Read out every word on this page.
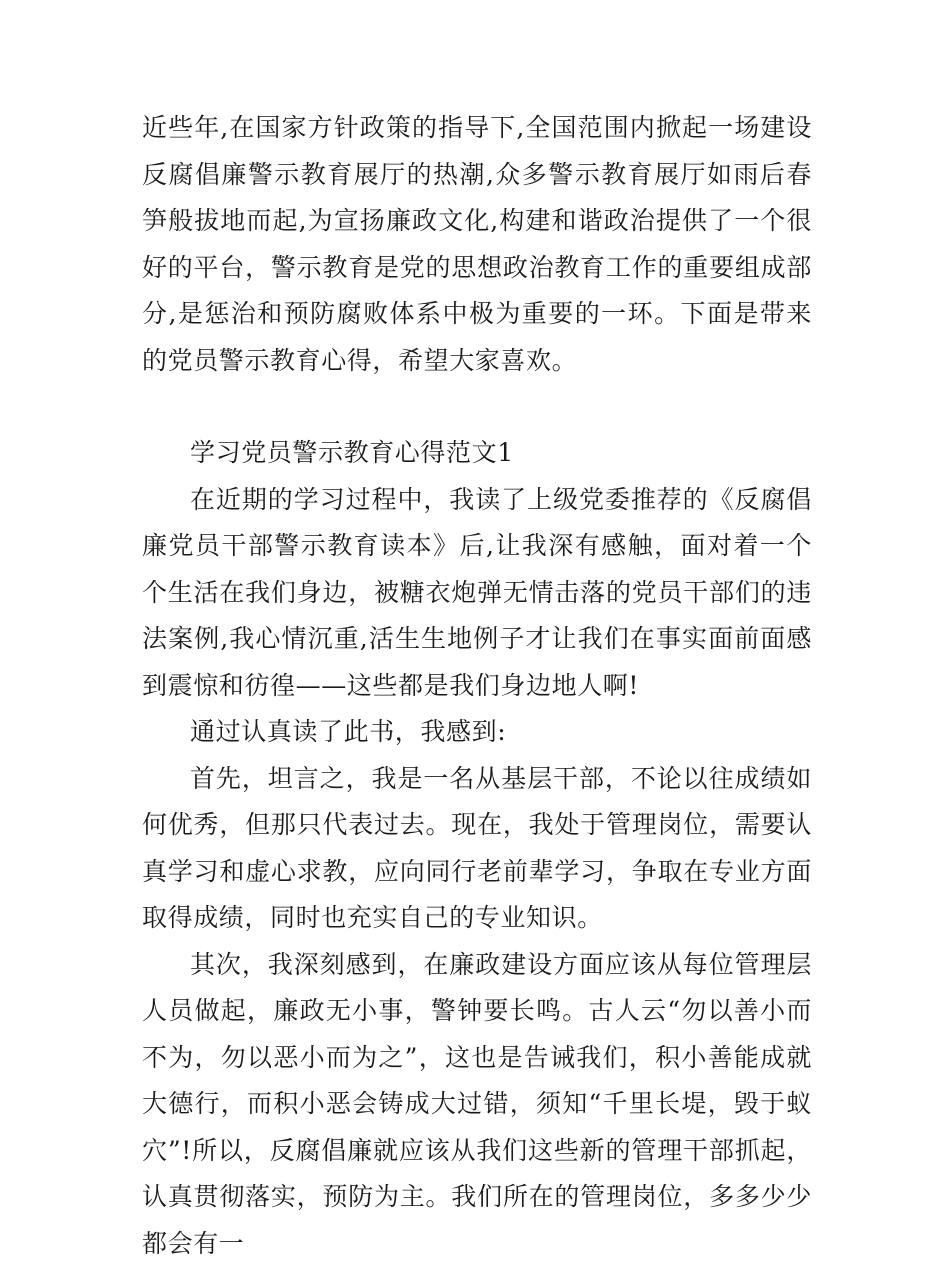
近些年,在国家方针政策的指导下,全国范围内掀起一场建设反腐倡廉警示教育展厅的热潮,众多警示教育展厅如雨后春笋般拔地而起,为宣扬廉政文化,构建和谐政治提供了一个很好的平台，警示教育是党的思想政治教育工作的重要组成部分,是惩治和预防腐败体系中极为重要的一环。下面是带来的党员警示教育心得，希望大家喜欢。

学习党员警示教育心得范文1

在近期的学习过程中，我读了上级党委推荐的《反腐倡廉党员干部警示教育读本》后,让我深有感触，面对着一个个生活在我们身边，被糖衣炮弹无情击落的党员干部们的违法案例,我心情沉重,活生生地例子才让我们在事实面前面感到震惊和彷徨——这些都是我们身边地人啊!

通过认真读了此书，我感到:

首先，坦言之，我是一名从基层干部，不论以往成绩如何优秀，但那只代表过去。现在，我处于管理岗位，需要认真学习和虚心求教，应向同行老前辈学习，争取在专业方面取得成绩，同时也充实自己的专业知识。

其次，我深刻感到，在廉政建设方面应该从每位管理层人员做起，廉政无小事，警钟要长鸣。古人云“勿以善小而不为，勿以恶小而为之”，这也是告诫我们，积小善能成就大德行，而积小恶会铸成大过错，须知“千里长堤，毁于蚁穴”!所以，反腐倡廉就应该从我们这些新的管理干部抓起，认真贯彻落实，预防为主。我们所在的管理岗位，多多少少都会有一
